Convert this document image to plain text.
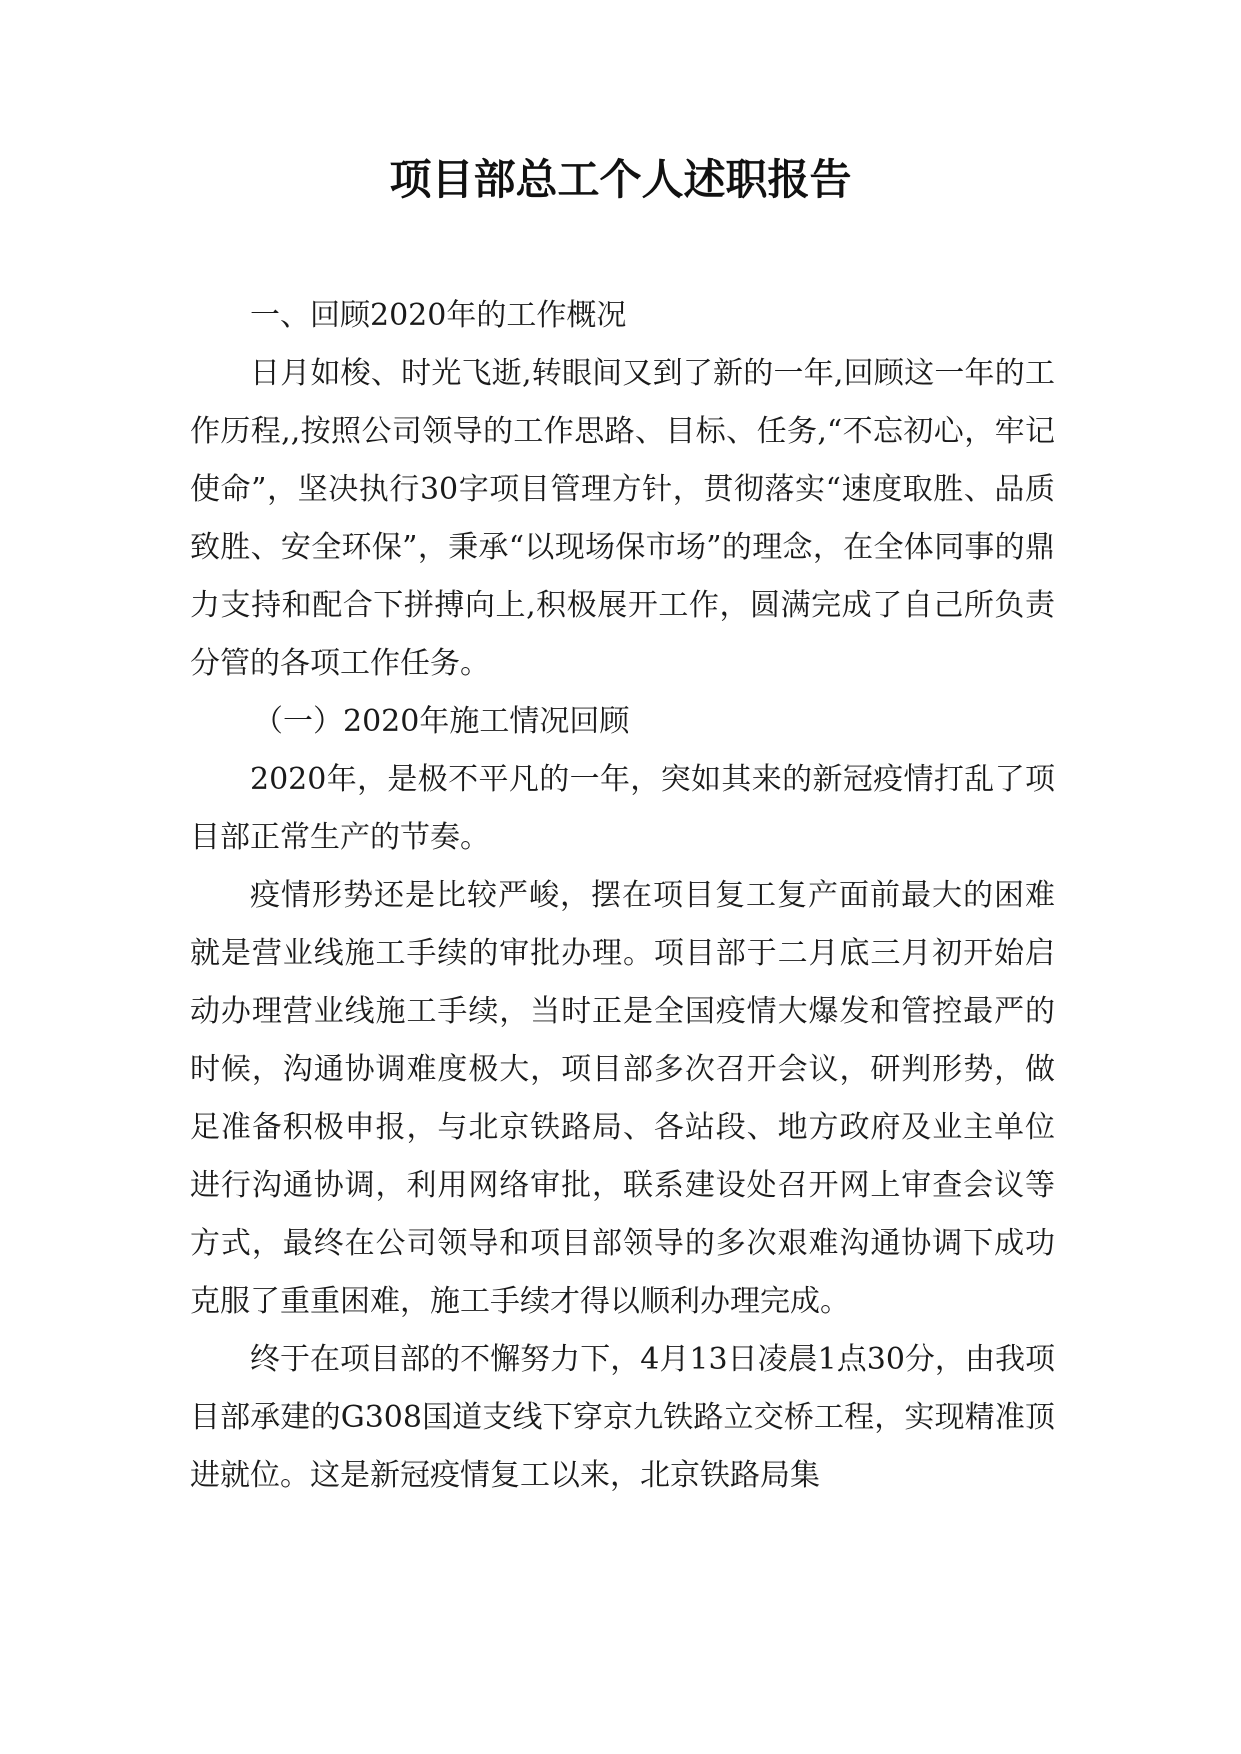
项目部总工个人述职报告

一、回顾2020年的工作概况

日月如梭、时光飞逝,转眼间又到了新的一年,回顾这一年的工作历程,,按照公司领导的工作思路、目标、任务,“不忘初心，牢记使命”，坚决执行30字项目管理方针，贯彻落实“速度取胜、品质致胜、安全环保”，秉承“以现场保市场”的理念，在全体同事的鼎力支持和配合下拼搏向上,积极展开工作，圆满完成了自己所负责分管的各项工作任务。

（一）2020年施工情况回顾

2020年，是极不平凡的一年，突如其来的新冠疫情打乱了项目部正常生产的节奏。

疫情形势还是比较严峻，摆在项目复工复产面前最大的困难就是营业线施工手续的审批办理。项目部于二月底三月初开始启动办理营业线施工手续，当时正是全国疫情大爆发和管控最严的时候，沟通协调难度极大，项目部多次召开会议，研判形势，做足准备积极申报，与北京铁路局、各站段、地方政府及业主单位进行沟通协调，利用网络审批，联系建设处召开网上审查会议等方式，最终在公司领导和项目部领导的多次艰难沟通协调下成功克服了重重困难，施工手续才得以顺利办理完成。

终于在项目部的不懈努力下，4月13日凌晨1点30分，由我项目部承建的G308国道支线下穿京九铁路立交桥工程，实现精准顶进就位。这是新冠疫情复工以来，北京铁路局集
